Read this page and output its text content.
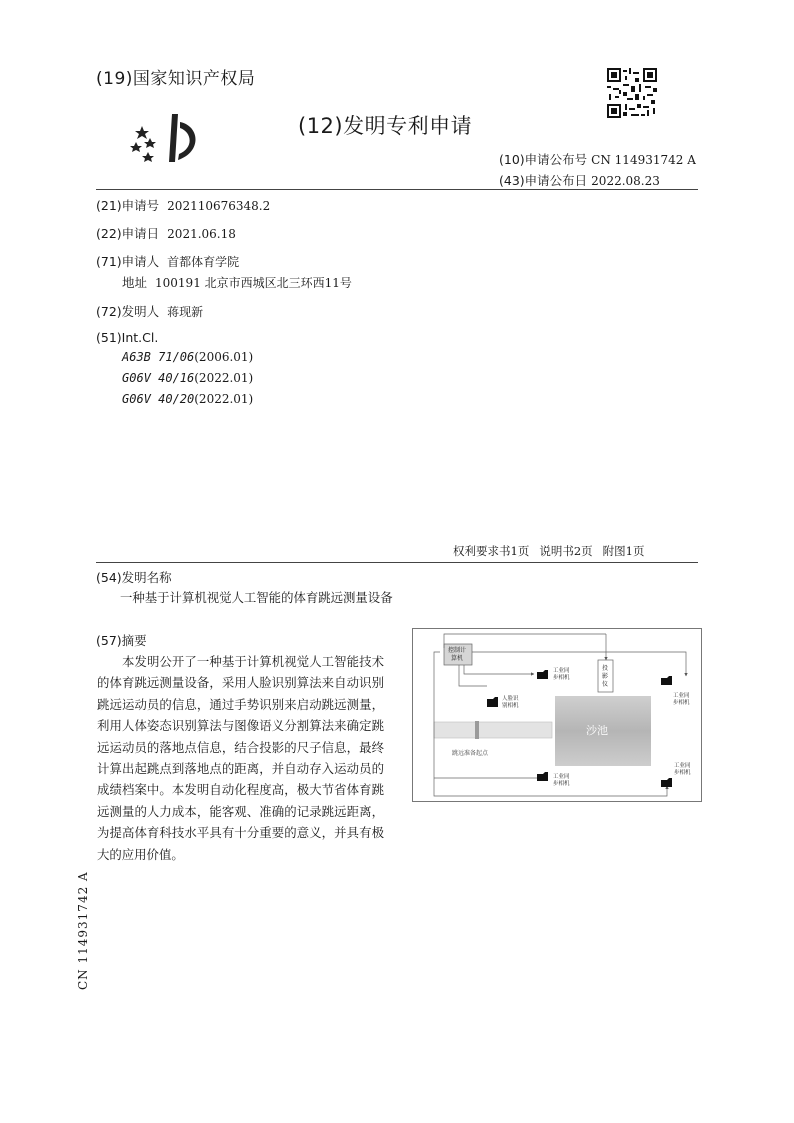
(19)国家知识产权局
(12)发明专利申请
(10)申请公布号 CN 114931742 A
(43)申请公布日 2022.08.23
(21)申请号 202110676348.2
(22)申请日 2021.06.18
(71)申请人 首都体育学院
地址 100191 北京市西城区北三环西11号
(72)发明人 蒋现新
(51)Int.Cl.
A63B 71/06(2006.01)
G06V 40/16(2022.01)
G06V 40/20(2022.01)
权利要求书1页 说明书2页 附图1页
(54)发明名称
一种基于计算机视觉人工智能的体育跳远测量设备
(57)摘要
本发明公开了一种基于计算机视觉人工智能技术的体育跳远测量设备，采用人脸识别算法来自动识别跳远运动员的信息，通过手势识别来启动跳远测量，利用人体姿态识别算法与图像语义分割算法来确定跳远运动员的落地点信息，结合投影的尺子信息，最终计算出起跳点到落地点的距离，并自动存入运动员的成绩档案中。本发明自动化程度高，极大节省体育跳远测量的人力成本，能客观、准确的记录跳远距离，为提高体育科技水平具有十分重要的意义，并具有极大的应用价值。
沙池
跳远准备起点
控制计
算机
投
影
仪
工业同
步相机
工业同
步相机
人脸识
别相机
工业同
步相机
工业同
步相机
CN 114931742 A
